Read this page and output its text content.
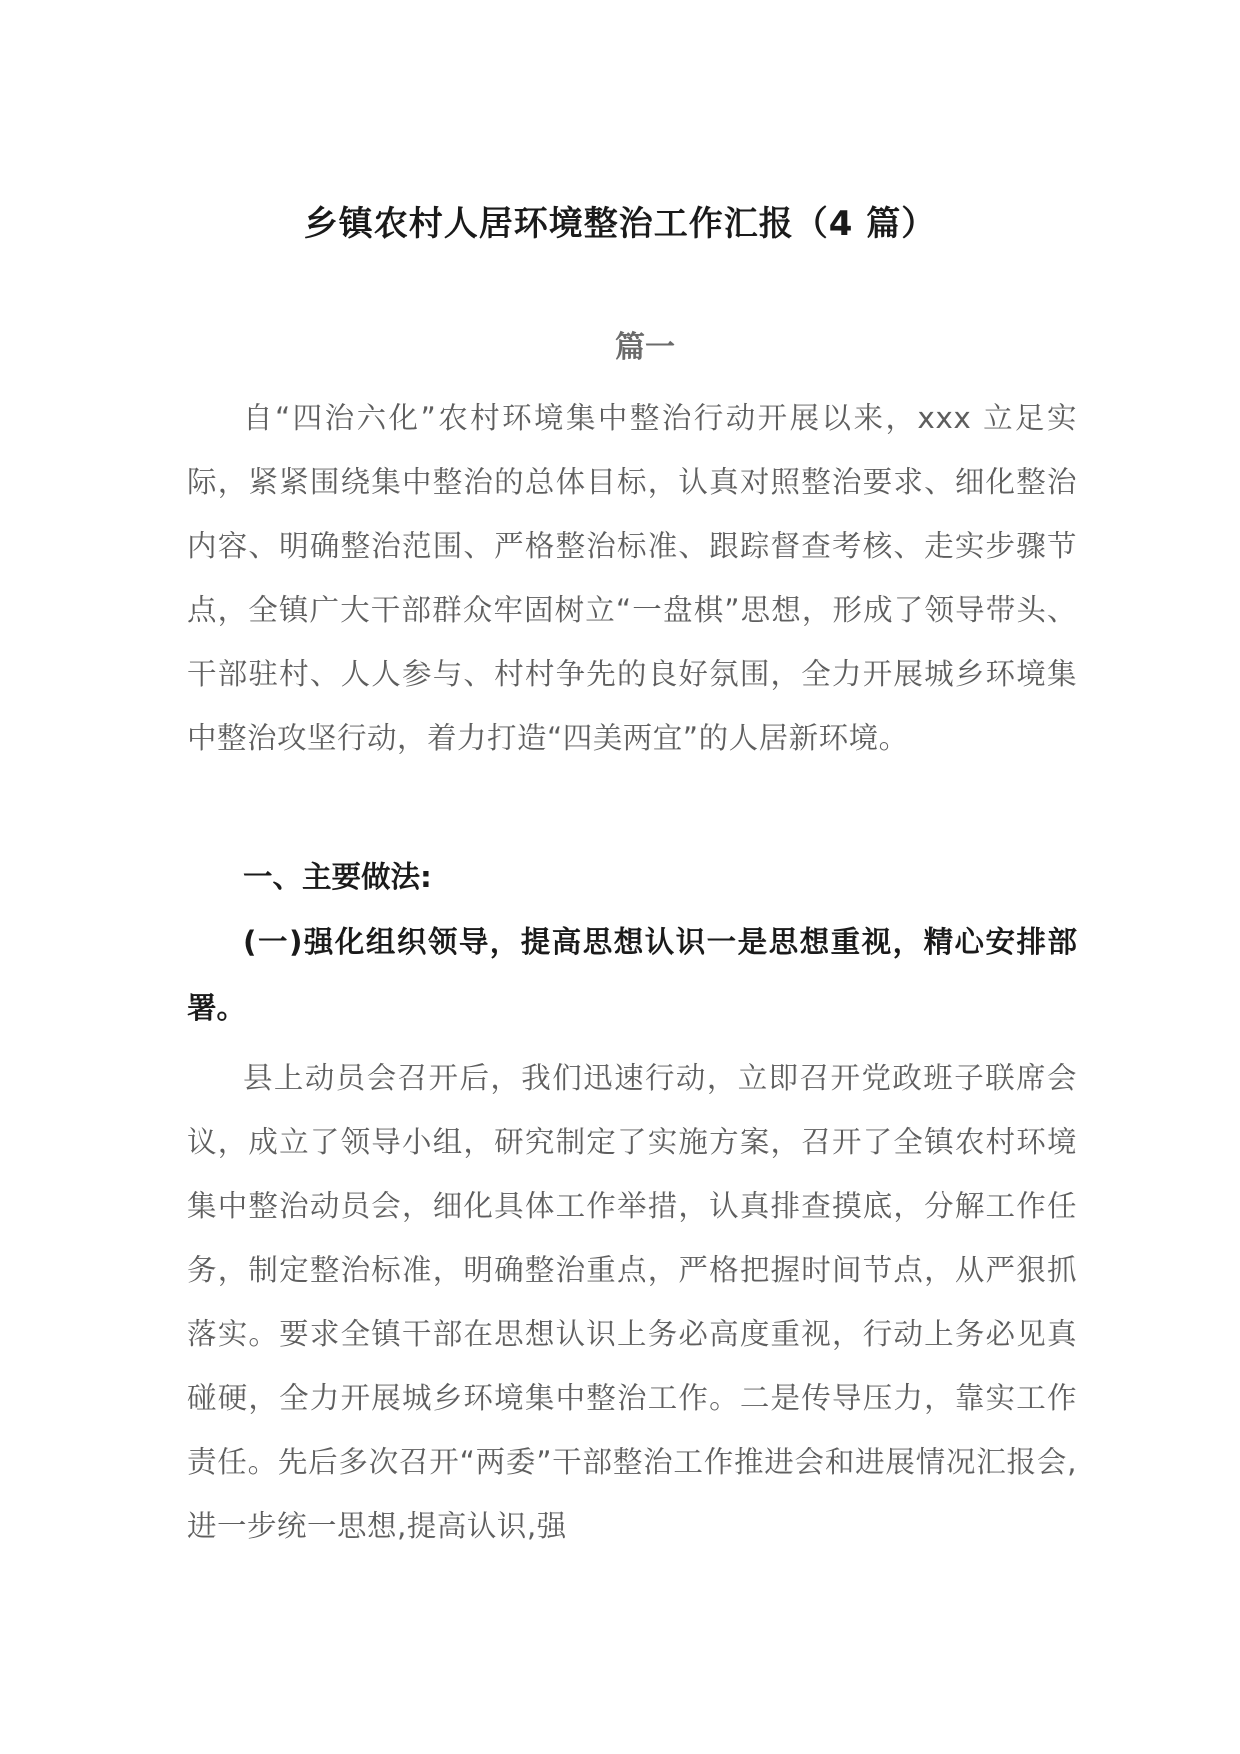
乡镇农村人居环境整治工作汇报（4 篇）
篇一

自“四治六化”农村环境集中整治行动开展以来，xxx 立足实际，紧紧围绕集中整治的总体目标，认真对照整治要求、细化整治内容、明确整治范围、严格整治标准、跟踪督查考核、走实步骤节点，全镇广大干部群众牢固树立“一盘棋”思想，形成了领导带头、干部驻村、人人参与、村村争先的良好氛围，全力开展城乡环境集中整治攻坚行动，着力打造“四美两宜”的人居新环境。

一、主要做法:

(一)强化组织领导，提高思想认识一是思想重视，精心安排部署。

县上动员会召开后，我们迅速行动，立即召开党政班子联席会议，成立了领导小组，研究制定了实施方案，召开了全镇农村环境集中整治动员会，细化具体工作举措，认真排查摸底，分解工作任务，制定整治标准，明确整治重点，严格把握时间节点，从严狠抓落实。要求全镇干部在思想认识上务必高度重视，行动上务必见真碰硬，全力开展城乡环境集中整治工作。二是传导压力，靠实工作责任。先后多次召开“两委”干部整治工作推进会和进展情况汇报会,进一步统一思想,提高认识,强
